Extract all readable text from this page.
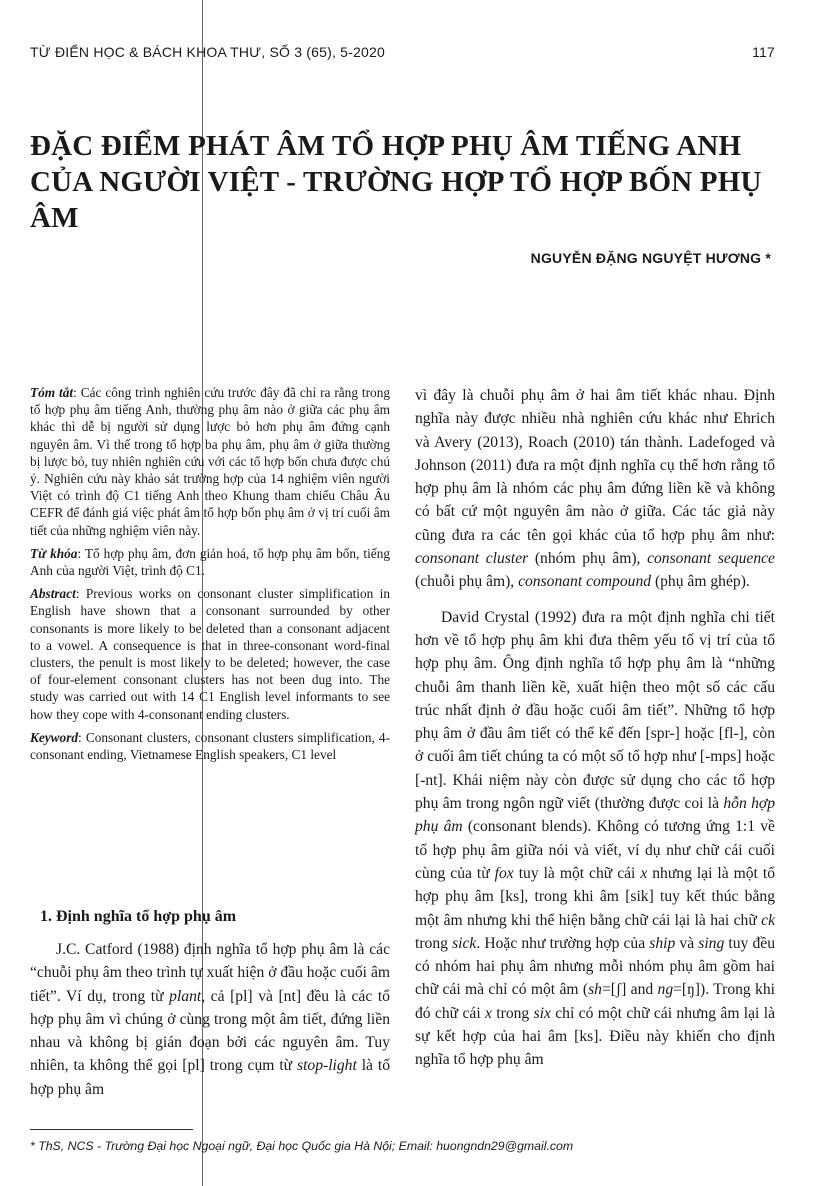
TỪ ĐIỂN HỌC & BÁCH KHOA THƯ, SỐ 3 (65), 5-2020	117
ĐẶC ĐIỂM PHÁT ÂM TỔ HỢP PHỤ ÂM TIẾNG ANH
CỦA NGƯỜI VIỆT - TRƯỜNG HỢP TỔ HỢP BỐN PHỤ ÂM
NGUYỄN ĐẶNG NGUYỆT HƯƠNG *

Tóm tắt: Các công trình nghiên cứu trước đây đã chỉ ra rằng trong tổ hợp phụ âm tiếng Anh, thường phụ âm nào ở giữa các phụ âm khác thì dễ bị người sử dụng lược bỏ hơn phụ âm đứng cạnh nguyên âm. Vì thế trong tổ hợp ba phụ âm, phụ âm ở giữa thường bị lược bỏ, tuy nhiên nghiên cứu với các tổ hợp bốn chưa được chú ý. Nghiên cứu này khảo sát trường hợp của 14 nghiệm viên người Việt có trình độ C1 tiếng Anh theo Khung tham chiếu Châu Âu CEFR để đánh giá việc phát âm tổ hợp bốn phụ âm ở vị trí cuối âm tiết của những nghiệm viên này.

Từ khóa: Tổ hợp phụ âm, đơn giản hoá, tổ hợp phụ âm bốn, tiếng Anh của người Việt, trình độ C1.

Abstract: Previous works on consonant cluster simplification in English have shown that a consonant surrounded by other consonants is more likely to be deleted than a consonant adjacent to a vowel. A consequence is that in three-consonant word-final clusters, the penult is most likely to be deleted; however, the case of four-element consonant clusters has not been dug into. The study was carried out with 14 C1 English level informants to see how they cope with 4-consonant ending clusters.

Keyword: Consonant clusters, consonant clusters simplification, 4-consonant ending, Vietnamese English speakers, C1 level

1. Định nghĩa tổ hợp phụ âm

J.C. Catford (1988) định nghĩa tổ hợp phụ âm là các “chuỗi phụ âm theo trình tự xuất hiện ở đầu hoặc cuối âm tiết”. Ví dụ, trong từ plant, cả [pl] và [nt] đều là các tổ hợp phụ âm vì chúng ở cùng trong một âm tiết, đứng liền nhau và không bị gián đoạn bởi các nguyên âm. Tuy nhiên, ta không thể gọi [pl] trong cụm từ stop-light là tổ hợp phụ âm

vì đây là chuỗi phụ âm ở hai âm tiết khác nhau. Định nghĩa này được nhiều nhà nghiên cứu khác như Ehrich và Avery (2013), Roach (2010) tán thành. Ladefoged và Johnson (2011) đưa ra một định nghĩa cụ thể hơn rằng tổ hợp phụ âm là nhóm các phụ âm đứng liền kề và không có bất cứ một nguyên âm nào ở giữa. Các tác giả này cũng đưa ra các tên gọi khác của tổ hợp phụ âm như: consonant cluster (nhóm phụ âm), consonant sequence (chuỗi phụ âm), consonant compound (phụ âm ghép).

David Crystal (1992) đưa ra một định nghĩa chi tiết hơn về tổ hợp phụ âm khi đưa thêm yếu tố vị trí của tổ hợp phụ âm. Ông định nghĩa tổ hợp phụ âm là “những chuỗi âm thanh liền kề, xuất hiện theo một số các cấu trúc nhất định ở đầu hoặc cuối âm tiết”. Những tổ hợp phụ âm ở đầu âm tiết có thể kể đến [spr-] hoặc [fl-], còn ở cuối âm tiết chúng ta có một số tổ hợp như [-mps] hoặc [-nt]. Khái niệm này còn được sử dụng cho các tổ hợp phụ âm trong ngôn ngữ viết (thường được coi là hỗn hợp phụ âm (consonant blends). Không có tương ứng 1:1 về tổ hợp phụ âm giữa nói và viết, ví dụ như chữ cái cuối cùng của từ fox tuy là một chữ cái x nhưng lại là một tổ hợp phụ âm [ks], trong khi âm [sik] tuy kết thúc bằng một âm nhưng khi thể hiện bằng chữ cái lại là hai chữ ck trong sick. Hoặc như trường hợp của ship và sing tuy đều có nhóm hai phụ âm nhưng mỗi nhóm phụ âm gồm hai chữ cái mà chỉ có một âm (sh=[ʃ] and ng=[ŋ]). Trong khi đó chữ cái x trong six chỉ có một chữ cái nhưng âm lại là sự kết hợp của hai âm [ks]. Điều này khiến cho định nghĩa tổ hợp phụ âm

* ThS, NCS - Trường Đại học Ngoại ngữ, Đại học Quốc gia Hà Nội; Email: huongndn29@gmail.com
